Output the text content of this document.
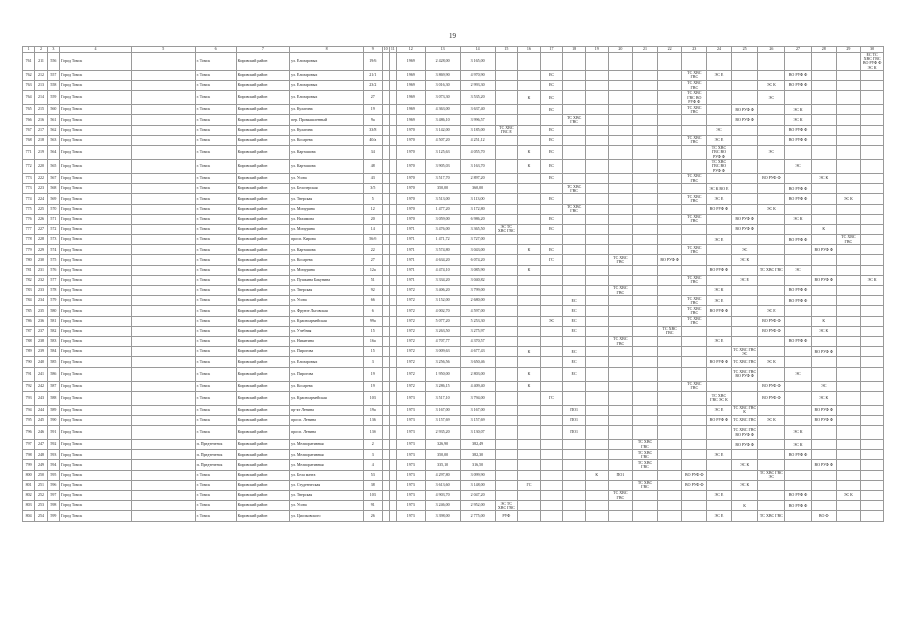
19
1	2	3	4	5	6	7	8	9	10	11	12	13	14	15	16	17	18	19	20	21	22	23	24	25	26	27	28	29	30
761	211	556	Город Томск		г. Томск	Кировский район	ул. Елизаровых	19/6			1969	2 428,00	3 165,00																ЕС ТС ХВС ГВС ВО РУФ Ф ЭС К
762	212	557	Город Томск		г. Томск	Кировский район	ул. Елизаровых	21/1			1969	3 869,90	4 970,90			ЕС						ТС ХВС ГВС	ЭС Е			ВО РУФ Ф			
763	213	558	Город Томск		г. Томск	Кировский район	ул. Елизаровых	23/2			1969	3 016,30	2 993,30			ЕС						ТС ХВС ГВС			ЭС К	ВО РУФ Ф			
764	214	559	Город Томск		г. Томск	Кировский район	ул. Елизаровых	27			1969	3 073,30	3 535,20		К	ЕС						ТС ХВС ГВС ВО РУФ Ф			ЭС				
765	215	560	Город Томск		г. Томск	Кировский район	ул. Кулагина	19			1969	4 363,00	3 637,40			ЕС						ТС ХВС ГВС		ВО РУФ Ф		ЭС К			
766	216	561	Город Томск		г. Томск	Кировский район	пер. Промышленный	9а			1969	3 486,10	3 996,57				ТС ХВС ГВС							ВО РУФ Ф		ЭС К			
767	217	562	Город Томск		г. Томск	Кировский район	ул. Кулагина	33/8			1970	3 142,00	3 185,00	ТС ХВС ГВС Е		ЕС							ЭС			ВО РУФ Ф			
768	218	563	Город Томск		г. Томск	Кировский район	ул. Косарева	40/а			1970	4 507,20	4 251,12			ЕС						ТС ХВС ГВС	ЭС Е			ВО РУФ Ф			
771	219	564	Город Томск		г. Томск	Кировский район	ул. Карташова	34			1970	3 125,63	4 055,70		К	ЕС							ТС ХВС ГВС ВО РУФ Ф		ЭС				
772	220	565	Город Томск		г. Томск	Кировский район	ул. Карташова	48			1970	3 905,03	3 163,70		К	ЕС							ТС ХВС ГВС ВО РУФ Ф			ЭС			
773	222	567	Город Томск		г. Томск	Кировский район	ул. Усова	43			1970	3 517,70	2 897,20			ЕС						ТС ХВС ГВС			ВО РУФ Ф		ЭС К		
773	223	568	Город Томск		г. Томск	Кировский район	ул. Белозерская	3/5			1970	350,00	360,00				ТС ХВС ГВС						ЭС К ВО Е			ВО РУФ Ф			
774	224	569	Город Томск		г. Томск	Кировский район	ул. Тверская	5			1970	3 513,00	3 113,00			ЕС						ТС ХВС ГВС	ЭС Е			ВО РУФ Ф		ЭС К	
775	225	570	Город Томск		г. Томск	Кировский район	ул. Мичурина	12			1970	1 477,20	3 172,80				ТС ХВС ГВС						ВО РУФ Ф		ЭС К				
776	226	571	Город Томск		г. Томск	Кировский район	ул. Нахимова	20			1970	3 059,00	6 986,20			ЕС						ТС ХВС ГВС		ВО РУФ Ф		ЭС К			
777	227	572	Город Томск		г. Томск	Кировский район	ул. Мичурина	14			1971	3 476,00	3 365,50	ЭС ТС ХВС ГВС		ЕС								ВО РУФ Ф			К		
778	228	573	Город Томск		г. Томск	Кировский район	просп. Кирова	56/б			1971	1 471,72	3 727,00										ЭС Е			ВО РУФ Ф		ТС ХВС ГВС	
779	229	574	Город Томск		г. Томск	Кировский район	ул. Карташова	22			1971	3 574,80	3 043,00		К	ЕС						ТС ХВС ГВС		ЭС			ВО РУФ Ф		
780	230	575	Город Томск		г. Томск	Кировский район	ул. Косарева	27			1971	4 634,20	6 074,20			ГС			ТС ХВС ГВС		ВО РУФ Ф			ЭС К					
781	231	576	Город Томск		г. Томск	Кировский район	ул. Мичурина	12а			1971	4 474,10	3 085,90		К								ВО РУФ Ф		ТС ХВС ГВС	ЭС			
782	232	577	Город Томск		г. Томск	Кировский район	ул. Пушкина Бакунина	51			1971	3 334,20	3 040,82									ТС ХВС ГВС		ЭС Е			ВО РУФ Ф		ЭС К
783	233	578	Город Томск		г. Томск	Кировский район	ул. Тверская	92			1972	3 406,20	3 799,00						ТС ХВС ГВС				ЭС К			ВО РУФ Ф			
784	234	579	Город Томск		г. Томск	Кировский район	ул. Усова	66			1972	3 152,00	2 680,00				ЕС					ТС ХВС ГВС	ЭС Е			ВО РУФ Ф			
785	235	580	Город Томск		г. Томск	Кировский район	ул. Фрунзе Льговская	6			1972	4 002,70	4 597,00				ЕС					ТС ХВС ГВС	ВО РУФ Ф		ЭС Е				
786	236	581	Город Томск		г. Томск	Кировский район	ул. Красноармейская	99а			1972	5 077,20	5 253,30			ЭС	ЕС					ТС ХВС ГВС			ВО РУФ Ф		К		
787	237	582	Город Томск		г. Томск	Кировский район	ул. Учебная	15			1972	3 263,50	3 275,97				ЕС				ТС ХВС ГВС				ВО РУФ Ф		ЭС К		
788	238	583	Город Томск		г. Томск	Кировский район	ул. Никитина	16а			1972	4 707,77	4 370,57						ТС ХВС ГВС				ЭС Е			ВО РУФ Ф			
789	239	584	Город Томск		г. Томск	Кировский район	ул. Пирогова	15			1972	3 009,63	4 677,43		К		ЕС							ТС ХВС ГВС ЭС			ВО РУФ Ф		
790	240	585	Город Томск		г. Томск	Кировский район	ул. Елизаровых	3			1972	3 256,56	3 650,46				ЕС						ВО РУФ Ф	ТС ХВС ГВС	ЭС К				
791	241	586	Город Томск		г. Томск	Кировский район	ул. Пирогова	19			1972	1 950,00	2 803,00		К		ЕС							ТС ХВС ГВС ВО РУФ Ф		ЭС			
792	242	587	Город Томск		г. Томск	Кировский район	ул. Косарева	19			1972	3 286,15	4 409,40		К							ТС ХВС ГВС			ВО РУФ Ф		ЭС		
793	243	588	Город Томск		г. Томск	Кировский район	ул. Красноармейская	103			1973	3 517,10	3 794,00			ГС							ТС ХВС ГВС ЭС К		ВО РУФ Ф		ЭС К		
794	244	589	Город Томск		г. Томск	Кировский район	пр-кт Ленина	19а			1973	3 167,00	3 167,00				ПО1						ЭС Е	ТС ХВС ГВС К			ВО РУФ Ф		
795	245	590	Город Томск		г. Томск	Кировский район	просп. Ленина	136			1973	3 157,69	3 157,69				ПО1						ВО РУФ Ф	ТС ХВС ГВС	ЭС К		ВО РУФ Ф		
796	246	591	Город Томск		г. Томск	Кировский район	просп. Ленина	13б			1973	2 935,20	3 130,07				ПО1							ТС ХВС ГВС ВО РУФ Ф		ЭС К			
797	247	592	Город Томск		п. Предтеченск	Кировский район	ул. Мелиоративная	2			1973	326,90	382,49							ТС ХВС ГВС				ВО РУФ Ф		ЭС К			
798	248	593	Город Томск		п. Предтеченск	Кировский район	ул. Мелиоративная	3			1973	350,00	382,30							ТС ХВС ГВС			ЭС Е			ВО РУФ Ф			
799	249	594	Город Томск		п. Предтеченск	Кировский район	ул. Мелиоративная	4			1973	335,10	316,50							ТС ХВС ГВС				ЭС К			ВО РУФ Ф		
800	250	595	Город Томск		г. Томск	Кировский район	ул. Бела мачта	53			1973	4 297,80	3 099,90					К	ПО1			ВО РУФ Ф			ТС ХВС ГВС ЭС				
801	251	596	Город Томск		г. Томск	Кировский район	ул. Студенческая	38			1973	3 613,60	3 148,00		ГС					ТС ХВС ГВС		ВО РУФ Ф		ЭС К					
802	252	597	Город Томск		г. Томск	Кировский район	ул. Тверская	103			1973	4 903,70	2 047,20						ТС ХВС ГВС				ЭС Е			ВО РУФ Ф		ЭС К	
803	253	598	Город Томск		г. Томск	Кировский район	ул. Усова	91			1973	3 246,00	2 952,00	ЭС ТС ХВС ГВС										К		ВО РУФ Ф			
804	254	599	Город Томск		г. Томск	Кировский район	ул. Циолковского	26			1973	3 398,00	2 775,00	РУФ									ЭС Е		ТС ХВС ГВС		ВО Ф		
